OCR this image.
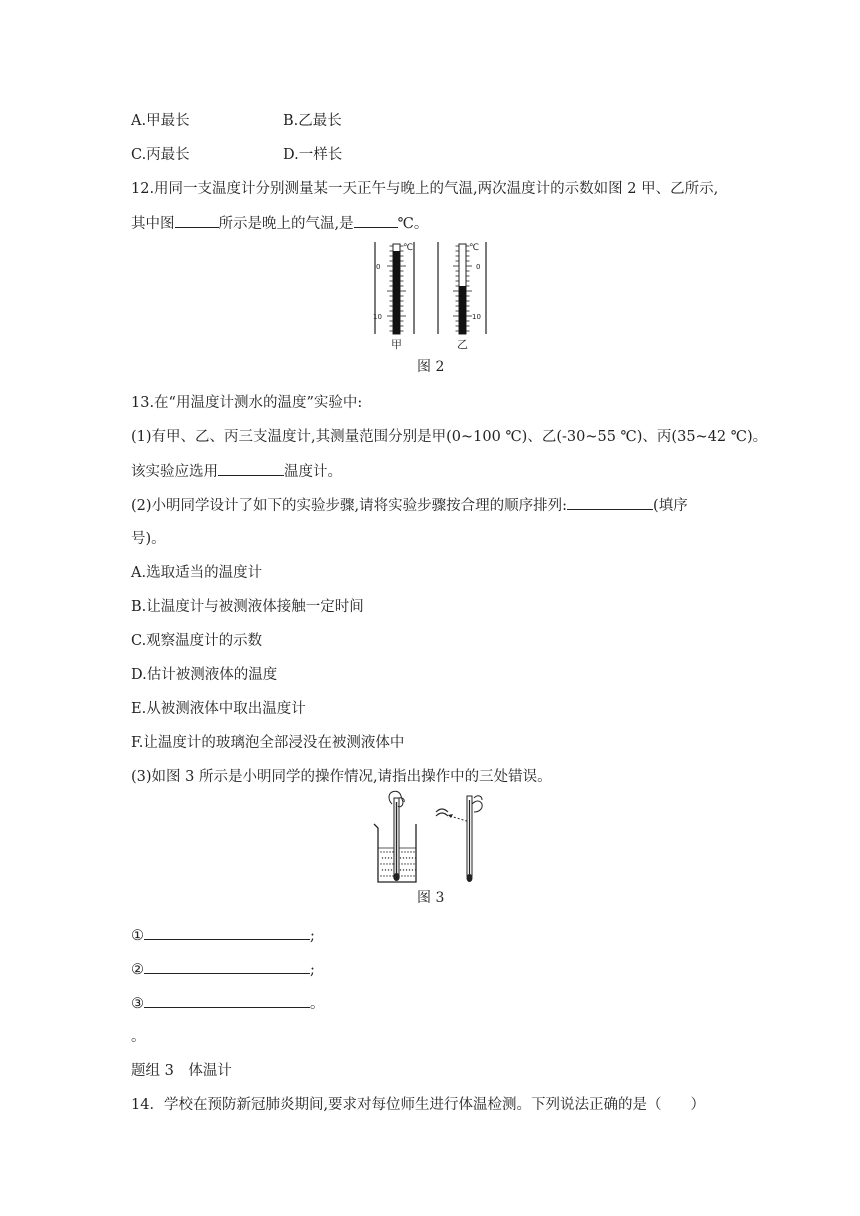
A.甲最长	B.乙最长
C.丙最长	D.一样长
12.用同一支温度计分别测量某一天正午与晚上的气温,两次温度计的示数如图 2 甲、乙所示,
其中图	所示是晚上的气温,是	℃。
℃
0
10
甲
℃
0
10
乙
图 2
13.在“用温度计测水的温度”实验中:
(1)有甲、乙、丙三支温度计,其测量范围分别是甲(0~100 ℃)、乙(-30~55 ℃)、丙(35~42 ℃)。
该实验应选用	温度计。
(2)小明同学设计了如下的实验步骤,请将实验步骤按合理的顺序排列:	(填序
号)。
A.选取适当的温度计
B.让温度计与被测液体接触一定时间
C.观察温度计的示数
D.估计被测液体的温度
E.从被测液体中取出温度计
F.让温度计的玻璃泡全部浸没在被测液体中
(3)如图 3 所示是小明同学的操作情况,请指出操作中的三处错误。
图 3
①	;
②	;
③	。
。
题组 3　体温计
14．学校在预防新冠肺炎期间,要求对每位师生进行体温检测。下列说法正确的是（　　）
